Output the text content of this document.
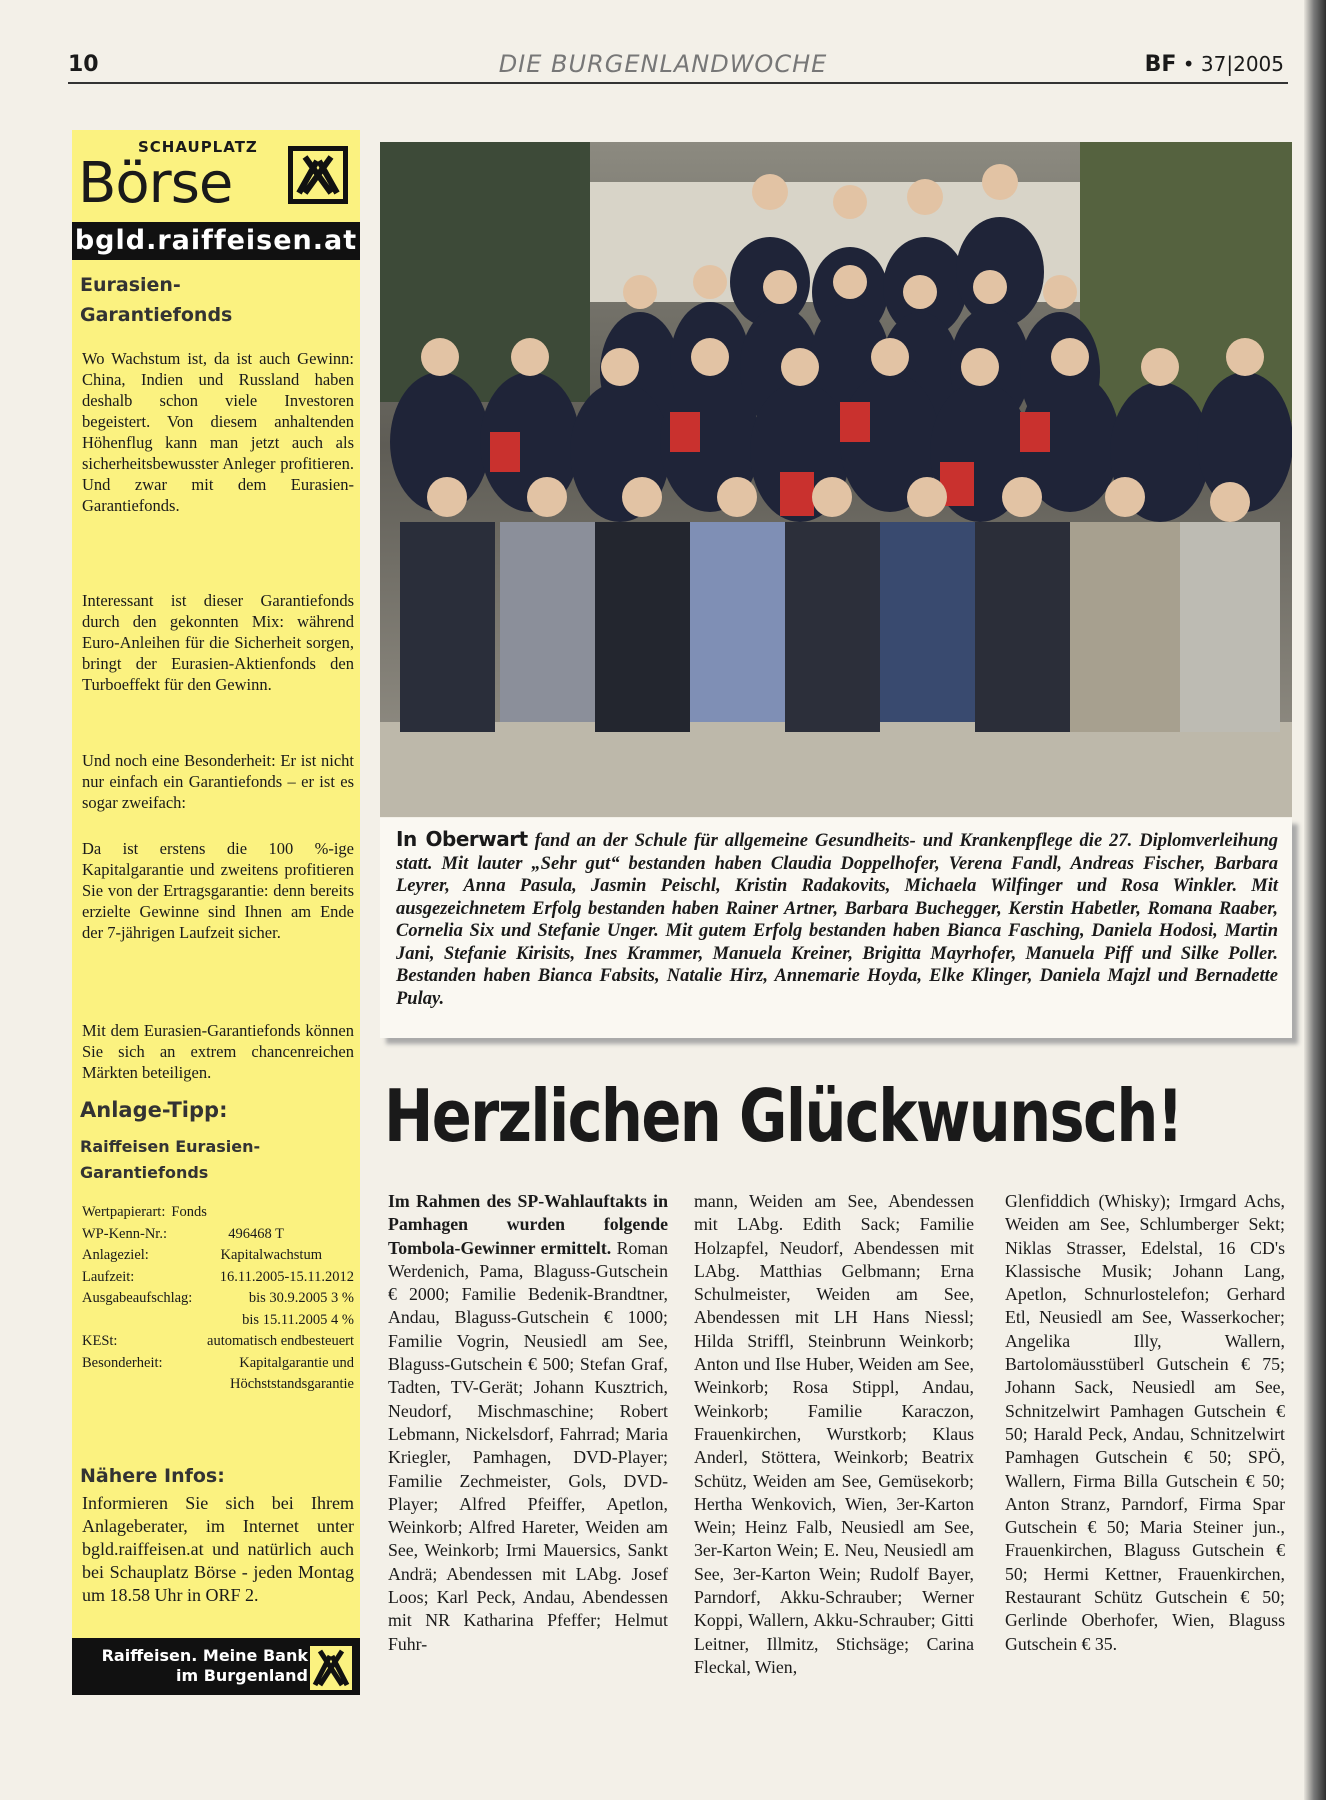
10	DIE BURGENLANDWOCHE	BF • 37|2005
SCHAUPLATZ
Börse
bgld.raiffeisen.at
Eurasien-Garantiefonds

Wo Wachstum ist, da ist auch Gewinn: China, Indien und Russland haben deshalb schon viele Investoren begeistert. Von diesem anhaltenden Höhenflug kann man jetzt auch als sicherheitsbewusster Anleger profitieren. Und zwar mit dem Eurasien-Garantiefonds.

Interessant ist dieser Garantiefonds durch den gekonnten Mix: während Euro-Anleihen für die Sicherheit sorgen, bringt der Eurasien-Aktienfonds den Turboeffekt für den Gewinn.

Und noch eine Besonderheit: Er ist nicht nur einfach ein Garantiefonds – er ist es sogar zweifach:

Da ist erstens die 100 %-ige Kapitalgarantie und zweitens profitieren Sie von der Ertragsgarantie: denn bereits erzielte Gewinne sind Ihnen am Ende der 7-jährigen Laufzeit sicher.

Mit dem Eurasien-Garantiefonds können Sie sich an extrem chancenreichen Märkten beteiligen.

Anlage-Tipp:
Raiffeisen Eurasien-Garantiefonds
Wertpapierart: Fonds
WP-Kenn-Nr.:	496468 T
Anlageziel:	Kapitalwachstum
Laufzeit:	16.11.2005-15.11.2012
Ausgabeaufschlag:	bis 30.9.2005 3 %
bis 15.11.2005 4 %
KESt:	automatisch endbesteuert
Besonderheit:	Kapitalgarantie und
Höchststandsgarantie
Nähere Infos:

Informieren Sie sich bei Ihrem Anlageberater, im Internet unter bgld.raiffeisen.at und natürlich auch bei Schauplatz Börse - jeden Montag um 18.58 Uhr in ORF 2.

Raiffeisen. Meine Bank
im Burgenland

In Oberwart fand an der Schule für allgemeine Gesundheits- und Krankenpflege die 27. Diplomverleihung statt. Mit lauter „Sehr gut“ bestanden haben Claudia Doppelhofer, Verena Fandl, Andreas Fischer, Barbara Leyrer, Anna Pasula, Jasmin Peischl, Kristin Radakovits, Michaela Wilfinger und Rosa Winkler. Mit ausgezeichnetem Erfolg bestanden haben Rainer Artner, Barbara Buchegger, Kerstin Habetler, Romana Raaber, Cornelia Six und Stefanie Unger. Mit gutem Erfolg bestanden haben Bianca Fasching, Daniela Hodosi, Martin Jani, Stefanie Kirisits, Ines Krammer, Manuela Kreiner, Brigitta Mayrhofer, Manuela Piff und Silke Poller. Bestanden haben Bianca Fabsits, Natalie Hirz, Annemarie Hoyda, Elke Klinger, Daniela Majzl und Bernadette Pulay.

Herzlichen Glückwunsch!

Im Rahmen des SP-Wahlauftakts in Pamhagen wurden folgende Tombola-Gewinner ermittelt. Roman Werdenich, Pama, Blaguss-Gutschein € 2000; Familie Bedenik-Brandtner, Andau, Blaguss-Gutschein € 1000; Familie Vogrin, Neusiedl am See, Blaguss-Gutschein € 500; Stefan Graf, Tadten, TV-Gerät; Johann Kusztrich, Neudorf, Mischmaschine; Robert Lebmann, Nickelsdorf, Fahrrad; Maria Kriegler, Pamhagen, DVD-Player; Familie Zechmeister, Gols, DVD-Player; Alfred Pfeiffer, Apetlon, Weinkorb; Alfred Hareter, Weiden am See, Weinkorb; Irmi Mauersics, Sankt Andrä; Abendessen mit LAbg. Josef Loos; Karl Peck, Andau, Abendessen mit NR Katharina Pfeffer; Helmut Fuhr-

mann, Weiden am See, Abendessen mit LAbg. Edith Sack; Familie Holzapfel, Neudorf, Abendessen mit LAbg. Matthias Gelbmann; Erna Schulmeister, Weiden am See, Abendessen mit LH Hans Niessl; Hilda Striffl, Steinbrunn Weinkorb; Anton und Ilse Huber, Weiden am See, Weinkorb; Rosa Stippl, Andau, Weinkorb; Familie Karaczon, Frauenkirchen, Wurstkorb; Klaus Anderl, Stöttera, Weinkorb; Beatrix Schütz, Weiden am See, Gemüsekorb; Hertha Wenkovich, Wien, 3er-Karton Wein; Heinz Falb, Neusiedl am See, 3er-Karton Wein; E. Neu, Neusiedl am See, 3er-Karton Wein; Rudolf Bayer, Parndorf, Akku-Schrauber; Werner Koppi, Wallern, Akku-Schrauber; Gitti Leitner, Illmitz, Stichsäge; Carina Fleckal, Wien,

Glenfiddich (Whisky); Irmgard Achs, Weiden am See, Schlumberger Sekt; Niklas Strasser, Edelstal, 16 CD's Klassische Musik; Johann Lang, Apetlon, Schnurlostelefon; Gerhard Etl, Neusiedl am See, Wasserkocher; Angelika Illy, Wallern, Bartolomäusstüberl Gutschein € 75; Johann Sack, Neusiedl am See, Schnitzelwirt Pamhagen Gutschein € 50; Harald Peck, Andau, Schnitzelwirt Pamhagen Gutschein € 50; SPÖ, Wallern, Firma Billa Gutschein € 50; Anton Stranz, Parndorf, Firma Spar Gutschein € 50; Maria Steiner jun., Frauenkirchen, Blaguss Gutschein € 50; Hermi Kettner, Frauenkirchen, Restaurant Schütz Gutschein € 50; Gerlinde Oberhofer, Wien, Blaguss Gutschein € 35.
